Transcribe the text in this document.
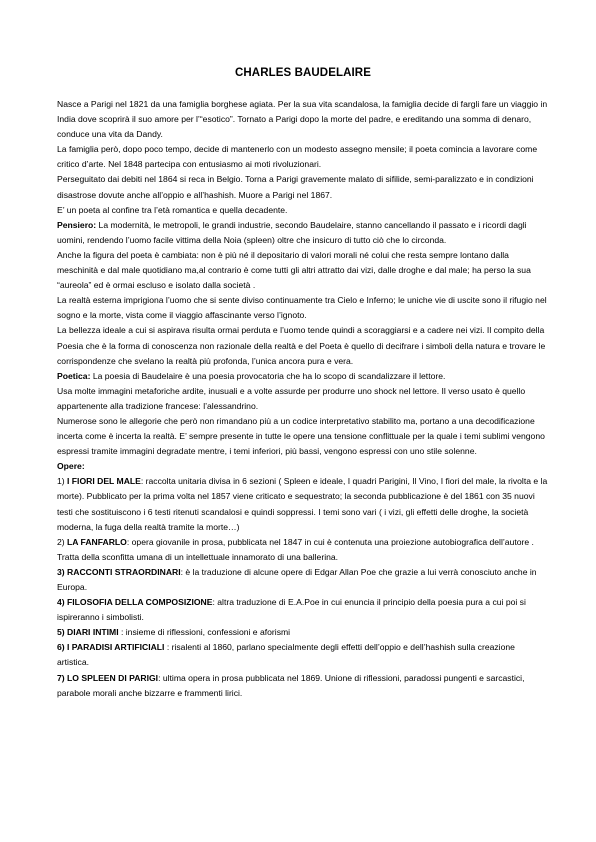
CHARLES BAUDELAIRE

Nasce a Parigi nel 1821 da una famiglia borghese agiata. Per la sua vita scandalosa, la famiglia decide di fargli fare un viaggio in India dove scoprirà il suo amore per l’“esotico”. Tornato a Parigi dopo la morte del padre, e ereditando una somma di denaro, conduce una vita da Dandy.

La famiglia però, dopo poco tempo, decide di mantenerlo con un modesto assegno mensile; il poeta comincia a lavorare come critico d’arte. Nel 1848 partecipa con entusiasmo ai moti rivoluzionari.

Perseguitato dai debiti nel 1864 si reca in Belgio. Torna a Parigi gravemente malato di sifilide, semi-paralizzato e in condizioni disastrose dovute anche all’oppio e all’hashish. Muore a Parigi nel 1867.

E’ un poeta al confine tra l’età romantica e quella decadente.

Pensiero: La modernità, le metropoli, le grandi industrie, secondo Baudelaire, stanno cancellando il passato e i ricordi dagli uomini, rendendo l’uomo facile vittima della Noia (spleen) oltre che insicuro di tutto ciò che lo circonda.

Anche la figura del poeta è cambiata: non è più né il depositario di valori morali né colui che resta sempre lontano dalla meschinità e dal male quotidiano ma,al contrario è come tutti gli altri attratto dai vizi, dalle droghe e dal male; ha perso la sua “aureola” ed è ormai escluso e isolato dalla società .

La realtà esterna imprigiona l’uomo che si sente diviso continuamente tra Cielo e Inferno; le uniche vie di uscite sono il rifugio nel sogno e la morte, vista come il viaggio affascinante verso l’ignoto.

La bellezza ideale a cui si aspirava risulta ormai perduta e l’uomo tende quindi a scoraggiarsi e a cadere nei vizi. Il compito della Poesia che è la forma di conoscenza non razionale della realtà e del Poeta è quello di decifrare i simboli della natura e trovare le corrispondenze che svelano la realtà più profonda, l’unica ancora pura e vera.

Poetica: La poesia di Baudelaire è una poesia provocatoria che ha lo scopo di scandalizzare il lettore.

Usa molte immagini metaforiche ardite, inusuali e a volte assurde per produrre uno shock nel lettore. Il verso usato è quello appartenente alla tradizione francese: l’alessandrino.

Numerose sono le allegorie che però non rimandano più a un codice interpretativo stabilito ma, portano a una decodificazione incerta come è incerta la realtà. E’ sempre presente in tutte le opere una tensione conflittuale per la quale i temi sublimi vengono espressi tramite immagini degradate mentre, i temi inferiori, più bassi, vengono espressi con uno stile solenne.

Opere:

1) I FIORI DEL MALE: raccolta unitaria divisa in 6 sezioni ( Spleen e ideale, I quadri Parigini, Il Vino, I fiori del male, la rivolta e la morte). Pubblicato per la prima volta nel 1857 viene criticato e sequestrato; la seconda pubblicazione è del 1861 con 35 nuovi testi che sostituiscono i 6 testi ritenuti scandalosi e quindi soppressi. I temi sono vari ( i vizi, gli effetti delle droghe, la società moderna, la fuga della realtà tramite la morte…)

2) LA FANFARLO: opera giovanile in prosa, pubblicata nel 1847 in cui è contenuta una proiezione autobiografica dell’autore . Tratta della sconfitta umana di un intellettuale innamorato di una ballerina.

3) RACCONTI STRAORDINARI: è la traduzione di alcune opere di Edgar Allan Poe che grazie a lui verrà conosciuto anche in Europa.

4) FILOSOFIA DELLA COMPOSIZIONE: altra traduzione di E.A.Poe in cui enuncia il principio della poesia pura a cui poi si ispireranno i simbolisti.

5) DIARI INTIMI : insieme di riflessioni, confessioni e aforismi

6) I PARADISI ARTIFICIALI : risalenti al 1860, parlano specialmente degli effetti dell’oppio e dell’hashish sulla creazione artistica.

7) LO SPLEEN DI PARIGI: ultima opera in prosa pubblicata nel 1869. Unione di riflessioni, paradossi pungenti e sarcastici, parabole morali anche bizzarre e frammenti lirici.
